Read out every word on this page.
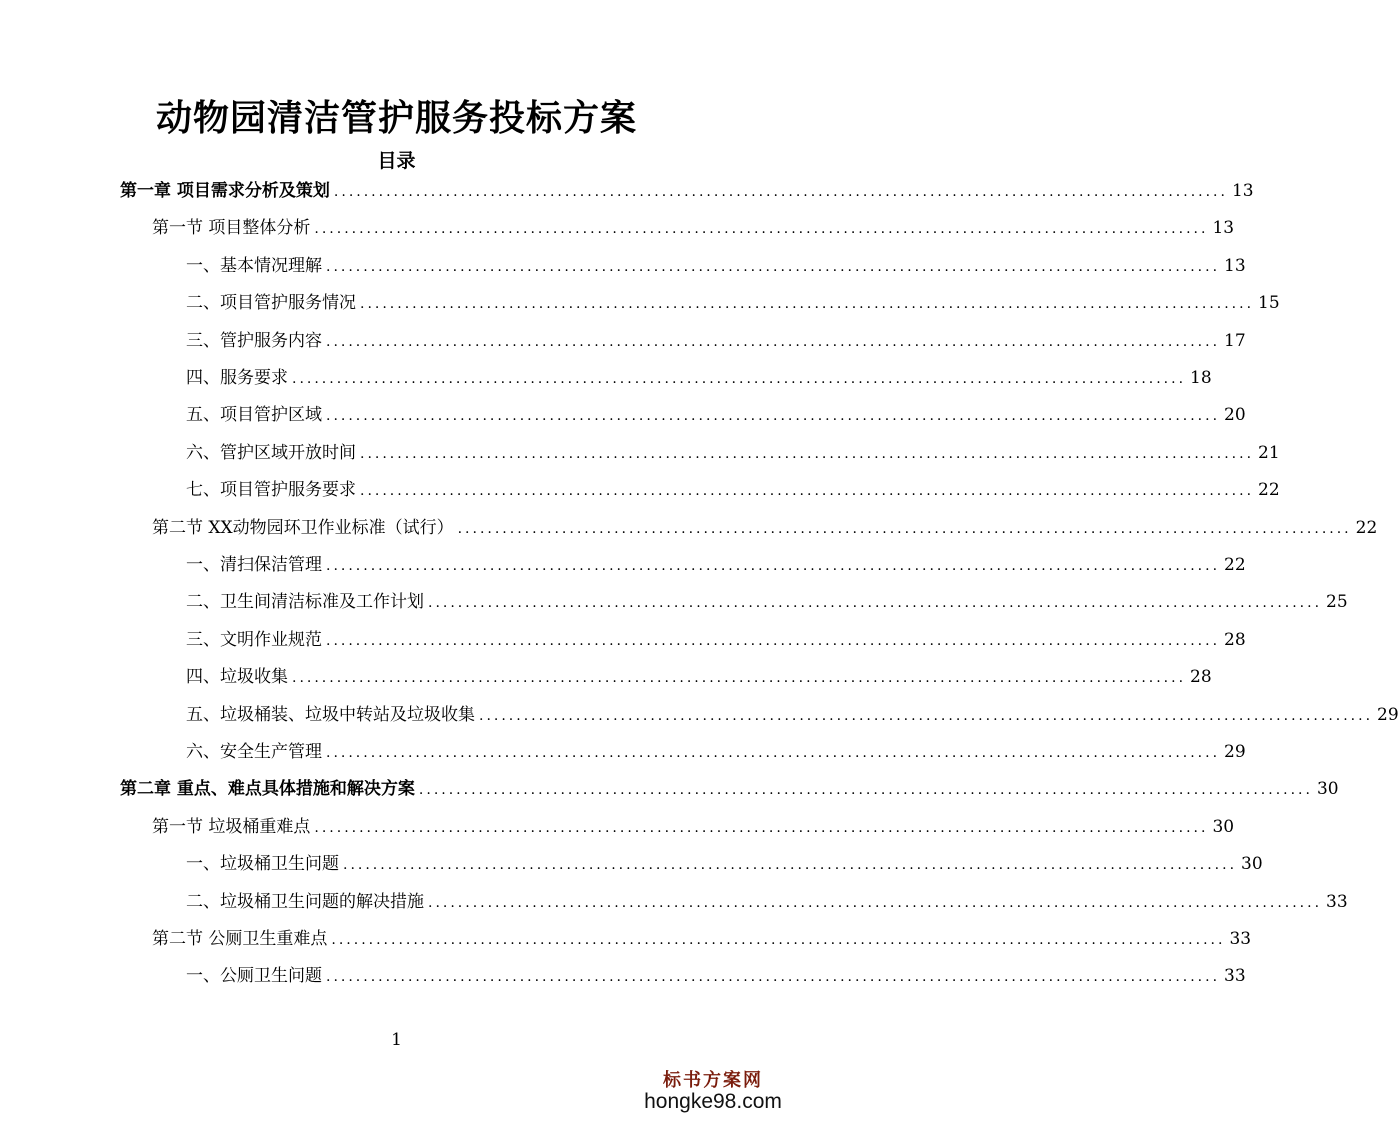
动物园清洁管护服务投标方案
目录
第一章 项目需求分析及策划 ........................................................................................................................ 13
第一节 项目整体分析 ........................................................................................................................ 13
一、基本情况理解 ........................................................................................................................ 13
二、项目管护服务情况 ........................................................................................................................ 15
三、管护服务内容 ........................................................................................................................ 17
四、服务要求 ........................................................................................................................ 18
五、项目管护区域 ........................................................................................................................ 20
六、管护区域开放时间 ........................................................................................................................ 21
七、项目管护服务要求 ........................................................................................................................ 22
第二节 XX动物园环卫作业标准（试行） ........................................................................................................................ 22
一、清扫保洁管理 ........................................................................................................................ 22
二、卫生间清洁标准及工作计划 ........................................................................................................................ 25
三、文明作业规范 ........................................................................................................................ 28
四、垃圾收集 ........................................................................................................................ 28
五、垃圾桶装、垃圾中转站及垃圾收集 ........................................................................................................................ 29
六、安全生产管理 ........................................................................................................................ 29
第二章 重点、难点具体措施和解决方案 ........................................................................................................................ 30
第一节 垃圾桶重难点 ........................................................................................................................ 30
一、垃圾桶卫生问题 ........................................................................................................................ 30
二、垃圾桶卫生问题的解决措施 ........................................................................................................................ 33
第二节 公厕卫生重难点 ........................................................................................................................ 33
一、公厕卫生问题 ........................................................................................................................ 33
1
标书方案网
hongke98.com
